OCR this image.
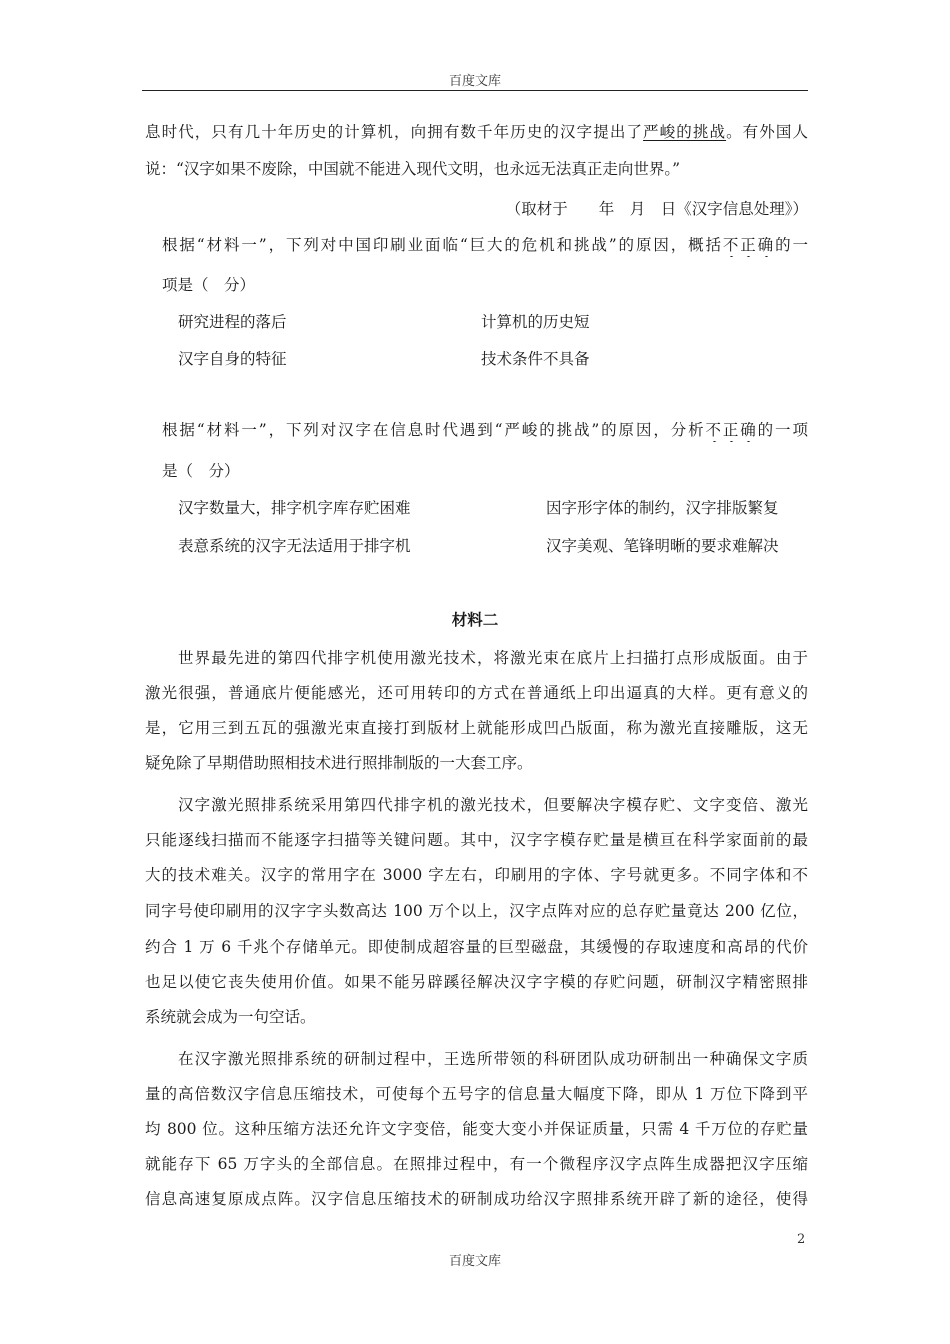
百度文库
息时代，只有几十年历史的计算机，向拥有数千年历史的汉字提出了严峻的挑战。有外国人
说：“汉字如果不废除，中国就不能进入现代文明，也永远无法真正走向世界。”
（取材于　　年　月　日《汉字信息处理》）
根据“材料一”，下列对中国印刷业面临“巨大的危机和挑战”的原因，概括不正确的一
项是（　分）
研究进程的落后	计算机的历史短
汉字自身的特征	技术条件不具备
根据“材料一”，下列对汉字在信息时代遇到“严峻的挑战”的原因，分析不正确的一项
是（　分）
汉字数量大，排字机字库存贮困难	因字形字体的制约，汉字排版繁复
表意系统的汉字无法适用于排字机	汉字美观、笔锋明晰的要求难解决
材料二
世界最先进的第四代排字机使用激光技术，将激光束在底片上扫描打点形成版面。由于
激光很强，普通底片便能感光，还可用转印的方式在普通纸上印出逼真的大样。更有意义的
是，它用三到五瓦的强激光束直接打到版材上就能形成凹凸版面，称为激光直接雕版，这无
疑免除了早期借助照相技术进行照排制版的一大套工序。
汉字激光照排系统采用第四代排字机的激光技术，但要解决字模存贮、文字变倍、激光
只能逐线扫描而不能逐字扫描等关键问题。其中，汉字字模存贮量是横亘在科学家面前的最
大的技术难关。汉字的常用字在 3000 字左右，印刷用的字体、字号就更多。不同字体和不
同字号使印刷用的汉字字头数高达 100 万个以上，汉字点阵对应的总存贮量竟达 200 亿位，
约合 1 万 6 千兆个存储单元。即使制成超容量的巨型磁盘，其缓慢的存取速度和高昂的代价
也足以使它丧失使用价值。如果不能另辟蹊径解决汉字字模的存贮问题，研制汉字精密照排
系统就会成为一句空话。
在汉字激光照排系统的研制过程中，王选所带领的科研团队成功研制出一种确保文字质
量的高倍数汉字信息压缩技术，可使每个五号字的信息量大幅度下降，即从 1 万位下降到平
均 800 位。这种压缩方法还允许文字变倍，能变大变小并保证质量，只需 4 千万位的存贮量
就能存下 65 万字头的全部信息。在照排过程中，有一个微程序汉字点阵生成器把汉字压缩
信息高速复原成点阵。汉字信息压缩技术的研制成功给汉字照排系统开辟了新的途径，使得
2
百度文库
